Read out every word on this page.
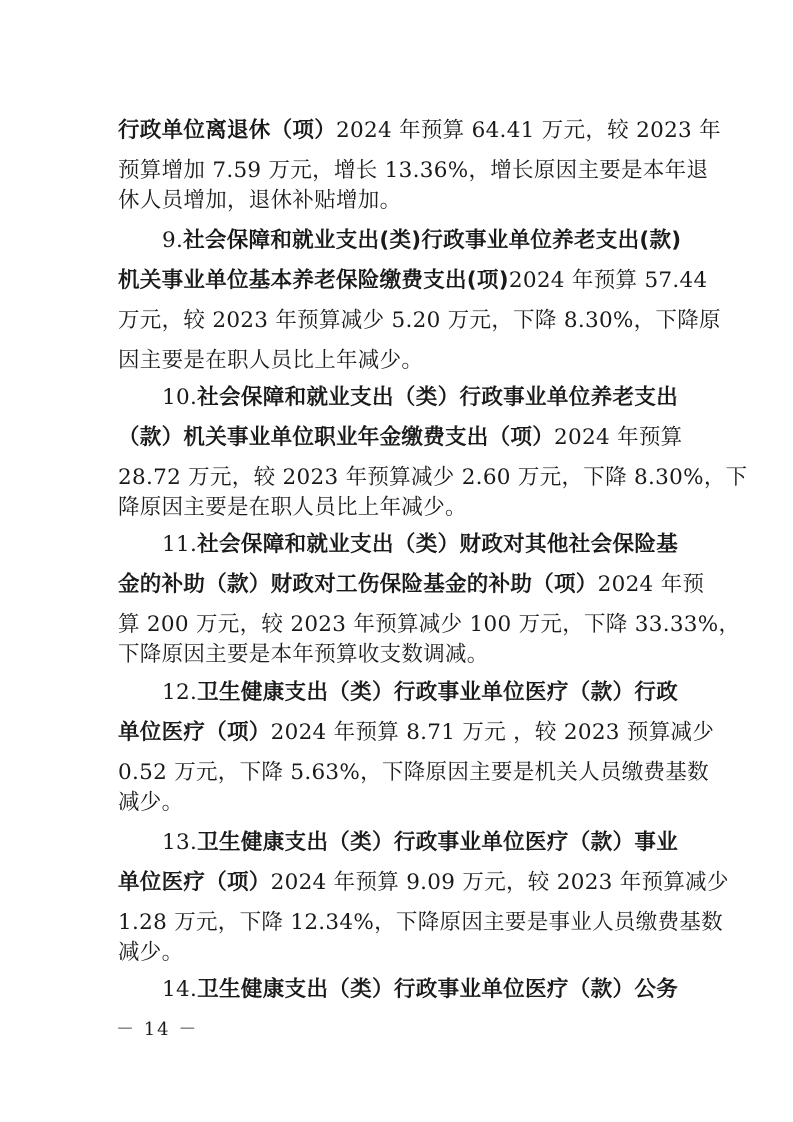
行政单位离退休（项）2024 年预算 64.41 万元，较 2023 年
预算增加 7.59 万元，增长 13.36%，增长原因主要是本年退
休人员增加，退休补贴增加。
9.社会保障和就业支出(类)行政事业单位养老支出(款)
机关事业单位基本养老保险缴费支出(项)2024 年预算 57.44
万元，较 2023 年预算减少 5.20 万元，下降 8.30%，下降原
因主要是在职人员比上年减少。
10.社会保障和就业支出（类）行政事业单位养老支出
（款）机关事业单位职业年金缴费支出（项）2024 年预算
28.72 万元，较 2023 年预算减少 2.60 万元，下降 8.30%，下
降原因主要是在职人员比上年减少。
11.社会保障和就业支出（类）财政对其他社会保险基
金的补助（款）财政对工伤保险基金的补助（项）2024 年预
算 200 万元，较 2023 年预算减少 100 万元，下降 33.33%，
下降原因主要是本年预算收支数调减。
12.卫生健康支出（类）行政事业单位医疗（款）行政
单位医疗（项）2024 年预算 8.71 万元 ，较 2023 预算减少
0.52 万元，下降 5.63%，下降原因主要是机关人员缴费基数
减少。
13.卫生健康支出（类）行政事业单位医疗（款）事业
单位医疗（项）2024 年预算 9.09 万元，较 2023 年预算减少
1.28 万元，下降 12.34%，下降原因主要是事业人员缴费基数
减少。
14.卫生健康支出（类）行政事业单位医疗（款）公务
－ 14 －
